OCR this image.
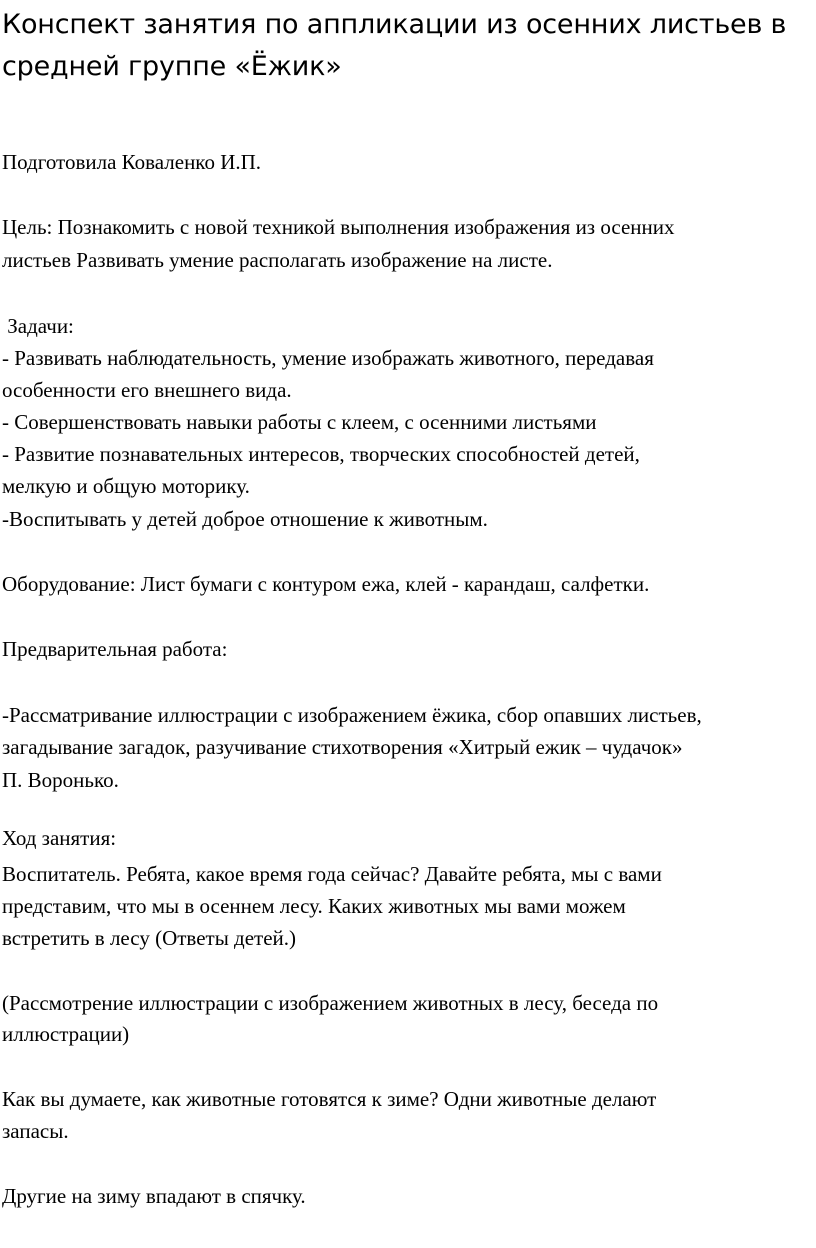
Конспект занятия по аппликации из осенних листьев в средней группе «Ёжик»

Подготовила Коваленко И.П.

Цель: Познакомить с новой техникой выполнения изображения из осенних

листьев Развивать умение располагать изображение на листе.

Задачи:

- Развивать наблюдательность, умение изображать животного, передавая

особенности его внешнего вида.

- Совершенствовать навыки работы с клеем, с осенними листьями

- Развитие познавательных интересов, творческих способностей детей,

мелкую и общую моторику.

-Воспитывать у детей доброе отношение к животным.

Оборудование: Лист бумаги с контуром ежа, клей - карандаш, салфетки.

Предварительная работа:

-Рассматривание иллюстрации с изображением ёжика, сбор опавших листьев,

загадывание загадок, разучивание стихотворения «Хитрый ежик – чудачок»

П. Воронько.

Ход занятия:

Воспитатель. Ребята, какое время года сейчас? Давайте ребята, мы с вами

представим, что мы в осеннем лесу. Каких животных мы вами можем

встретить в лесу (Ответы детей.)

(Рассмотрение иллюстрации с изображением животных в лесу, беседа по

иллюстрации)

Как вы думаете, как животные готовятся к зиме? Одни животные делают

запасы.

Другие на зиму впадают в спячку.
